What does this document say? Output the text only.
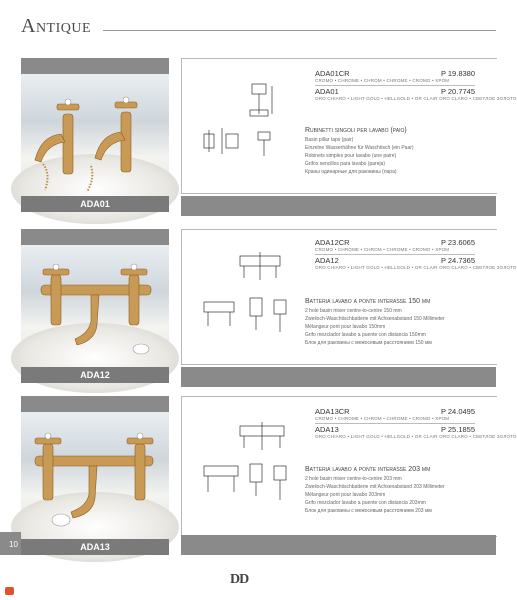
Antique
ADA01
ADA01CR	P 19.8380
CROMO • CHROME • CHROM • CHROME • CROMO • ХРОМ
ADA01	P 20.7745
ORO CHIARO • LIGHT GOLD • HELLGOLD • OR CLAIR ORO CLARO • СВЕТЛОЕ ЗОЛОТО
Rubinetti singoli per lavabo (paio)
Basin pillar taps (pair)
Einzelne Wasserhähne für Waschtisch (ein Paar)
Robinets simples pour lavabo (une paire)
Grifos sencillos para lavabo (pareja)
Краны одинарные для раковины (пара)
ADA12
ADA12CR	P 23.6065
CROMO • CHROME • CHROM • CHROME • CROMO • ХРОМ
ADA12	P 24.7365
ORO CHIARO • LIGHT GOLD • HELLGOLD • OR CLAIR ORO CLARO • СВЕТЛОЕ ЗОЛОТО
Batteria lavabo a ponte interasse 150 mm
2 hole basin mixer centre-to-centre 150 mm
Zweiloch-Waschtischbatterie mit Achsenabstand 150 Millimeter
Mélangeur pont pour lavabo 150mm
Grifo mezclador lavabo a puente con distancia 150mm
Блок для раковины с межосевым расстоянием 150 мм
ADA13
ADA13CR	P 24.0495
CROMO • CHROME • CHROM • CHROME • CROMO • ХРОМ
ADA13	P 25.1855
ORO CHIARO • LIGHT GOLD • HELLGOLD • OR CLAIR ORO CLARO • СВЕТЛОЕ ЗОЛОТО
Batteria lavabo a ponte interasse 203 mm
2 hole basin mixer centre-to-centre 203 mm
Zweiloch-Waschtischbatterie mit Achsenabstand 203 Millimeter
Mélangeur pont pour lavabo 203mm
Grifo mezclador lavabo a puente con distancia 203mm
Блок для раковины с межосевым расстоянием 203 мм
10
DD
